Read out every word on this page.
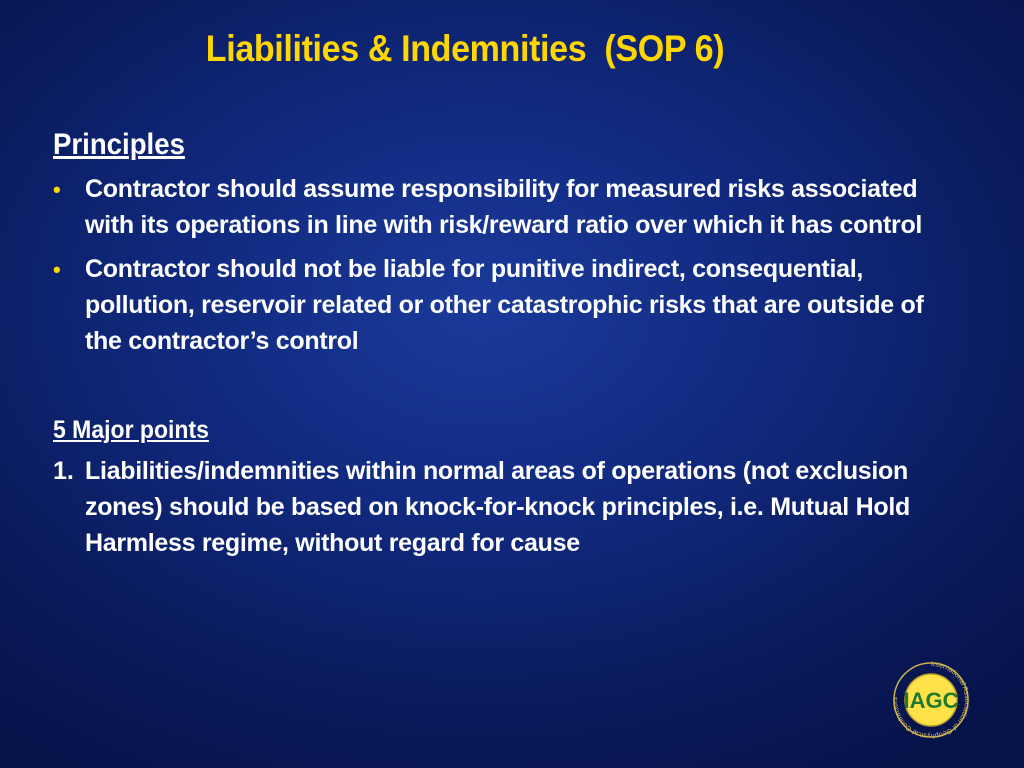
Liabilities & Indemnities  (SOP 6)
Principles
• Contractor should assume responsibility for measured risks associated with its operations in line with risk/reward ratio over which it has control
• Contractor should not be liable for punitive indirect, consequential, pollution, reservoir related or other catastrophic risks that are outside of the contractor’s control
5 Major points
1. Liabilities/indemnities within normal areas of operations (not exclusion zones) should be based on knock-for-knock principles, i.e. Mutual Hold Harmless regime, without regard for cause
International Association of Geophysical Contractors IAGC
